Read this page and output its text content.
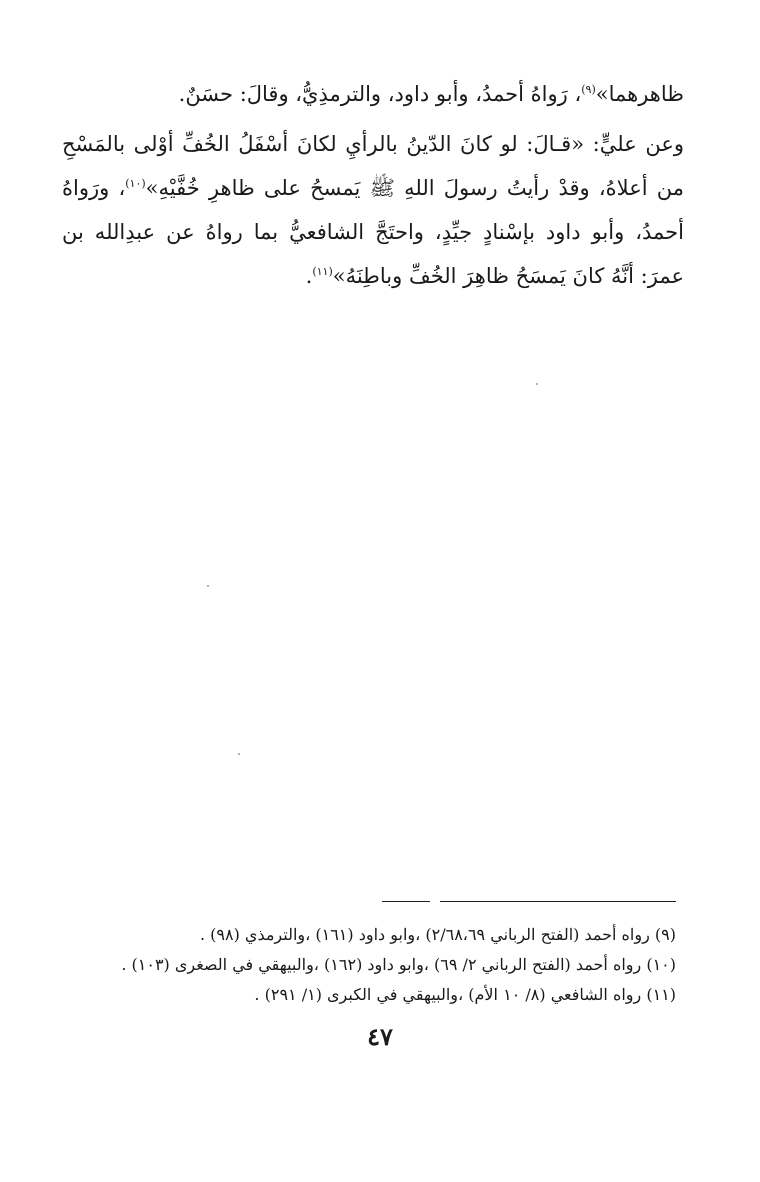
ظاهرهما»$^{(٩)}$، رَواهُ أحمدُ، وأبو داود، والترمذِيُّ، وقالَ: حسَنٌ.

وعن عليٍّ: «قـالَ: لو كانَ الدّينُ بالرأيِ لكانَ أسْفَلُ الخُفِّ أوْلى بالمَسْحِ من أعلاهُ، وقدْ رأيتُ رسولَ اللهِ ﷺ يَمسحُ على ظاهرِ خُفَّيْهِ»$^{(١٠)}$، ورَواهُ أحمدُ، وأبو داود بإسْنادٍ جيِّدٍ، واحتَجَّ الشافعيُّ بما رواهُ عن عبدِالله بن عمرَ: أنَّهُ كانَ يَمسَحُ ظاهِرَ الخُفِّ وباطِنَهُ»$^{(١١)}$.

(٩) رواه أحمد (الفتح الرباني ٢/٦٨،٦٩) ،وابو داود (١٦١) ،والترمذي (٩٨) .
(١٠) رواه أحمد (الفتح الرباني ٢/ ٦٩) ،وابو داود (١٦٢) ،والبيهقي في الصغرى (١٠٣) .
(١١) رواه الشافعي (٨/ ١٠ الأم) ،والبيهقي في الكبرى (١/ ٢٩١) .
٤٧
